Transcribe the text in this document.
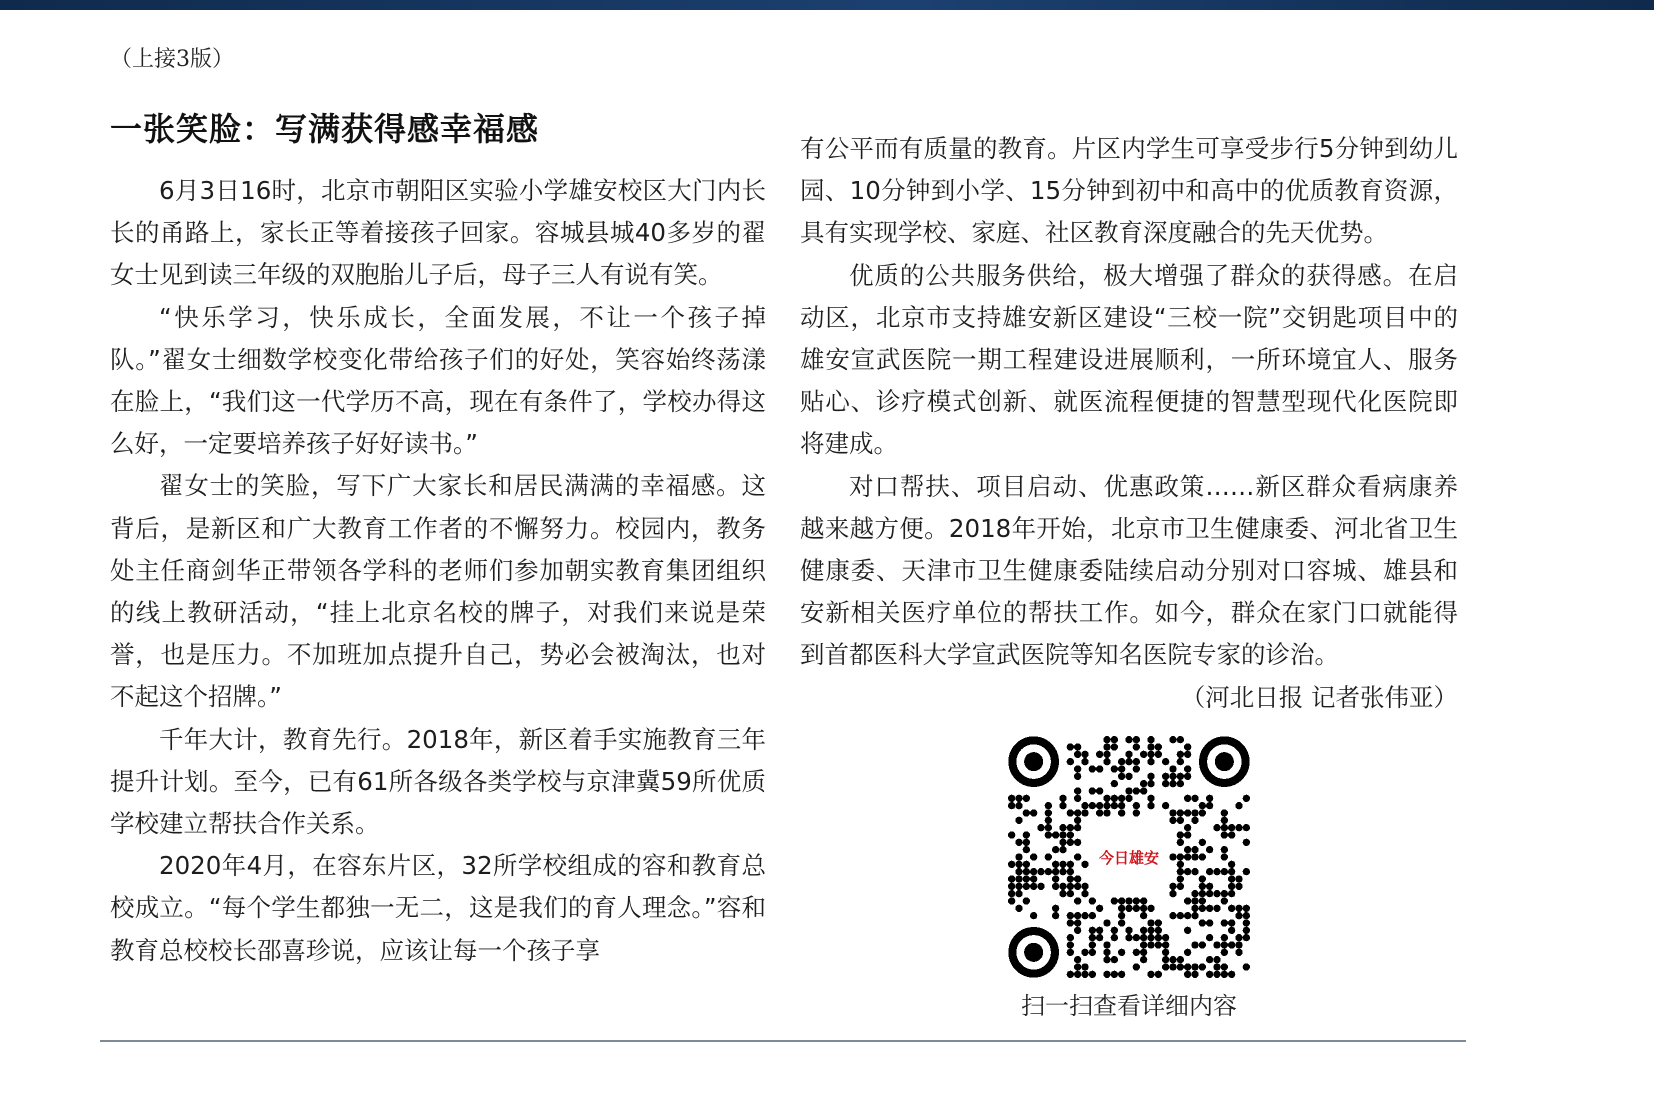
（上接3版）
一张笑脸：写满获得感幸福感

6月3日16时，北京市朝阳区实验小学雄安校区大门内长长的甬路上，家长正等着接孩子回家。容城县城40多岁的翟女士见到读三年级的双胞胎儿子后，母子三人有说有笑。

“快乐学习，快乐成长，全面发展，不让一个孩子掉队。”翟女士细数学校变化带给孩子们的好处，笑容始终荡漾在脸上，“我们这一代学历不高，现在有条件了，学校办得这么好，一定要培养孩子好好读书。”

翟女士的笑脸，写下广大家长和居民满满的幸福感。这背后，是新区和广大教育工作者的不懈努力。校园内，教务处主任商剑华正带领各学科的老师们参加朝实教育集团组织的线上教研活动，“挂上北京名校的牌子，对我们来说是荣誉，也是压力。不加班加点提升自己，势必会被淘汰，也对不起这个招牌。”

千年大计，教育先行。2018年，新区着手实施教育三年提升计划。至今，已有61所各级各类学校与京津冀59所优质学校建立帮扶合作关系。

2020年4月，在容东片区，32所学校组成的容和教育总校成立。“每个学生都独一无二，这是我们的育人理念。”容和教育总校校长邵喜珍说，应该让每一个孩子享

有公平而有质量的教育。片区内学生可享受步行5分钟到幼儿园、10分钟到小学、15分钟到初中和高中的优质教育资源，具有实现学校、家庭、社区教育深度融合的先天优势。

优质的公共服务供给，极大增强了群众的获得感。在启动区，北京市支持雄安新区建设“三校一院”交钥匙项目中的雄安宣武医院一期工程建设进展顺利，一所环境宜人、服务贴心、诊疗模式创新、就医流程便捷的智慧型现代化医院即将建成。

对口帮扶、项目启动、优惠政策……新区群众看病康养越来越方便。2018年开始，北京市卫生健康委、河北省卫生健康委、天津市卫生健康委陆续启动分别对口容城、雄县和安新相关医疗单位的帮扶工作。如今，群众在家门口就能得到首都医科大学宣武医院等知名医院专家的诊治。
（河北日报 记者张伟亚）

今日雄安
扫一扫查看详细内容
